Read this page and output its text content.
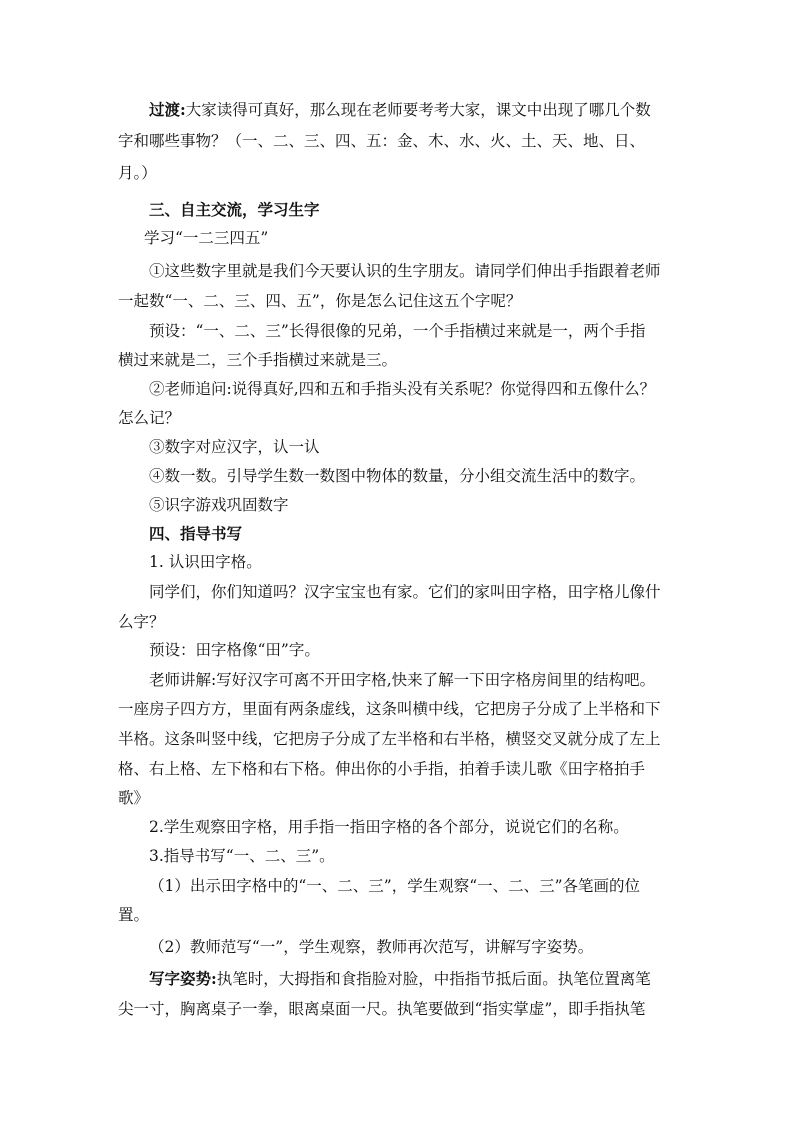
过渡:大家读得可真好，那么现在老师要考考大家，课文中出现了哪几个数

字和哪些事物？（一、二、三、四、五：金、木、水、火、土、天、地、日、

月。）

三、自主交流，学习生字

学习“一二三四五”

①这些数字里就是我们今天要认识的生字朋友。请同学们伸出手指跟着老师

一起数“一、二、三、四、五”，你是怎么记住这五个字呢？

预设：“一、二、三”长得很像的兄弟，一个手指横过来就是一，两个手指

横过来就是二，三个手指横过来就是三。

②老师追问:说得真好,四和五和手指头没有关系呢？你觉得四和五像什么？

怎么记？

③数字对应汉字，认一认

④数一数。引导学生数一数图中物体的数量，分小组交流生活中的数字。

⑤识字游戏巩固数字

四、指导书写

1. 认识田字格。

同学们，你们知道吗？汉字宝宝也有家。它们的家叫田字格，田字格儿像什

么字？

预设：田字格像“田”字。

老师讲解:写好汉字可离不开田字格,快来了解一下田字格房间里的结构吧。

一座房子四方方，里面有两条虚线，这条叫横中线，它把房子分成了上半格和下

半格。这条叫竖中线，它把房子分成了左半格和右半格，横竖交叉就分成了左上

格、右上格、左下格和右下格。伸出你的小手指，拍着手读儿歌《田字格拍手

歌》

2.学生观察田字格，用手指一指田字格的各个部分，说说它们的名称。

3.指导书写“一、二、三”。

（1）出示田字格中的“一、二、三”，学生观察“一、二、三”各笔画的位

置。

（2）教师范写“一”，学生观察，教师再次范写，讲解写字姿势。

写字姿势:执笔时，大拇指和食指脸对脸，中指指节抵后面。执笔位置离笔

尖一寸，胸离桌子一拳，眼离桌面一尺。执笔要做到“指实掌虚”，即手指执笔
